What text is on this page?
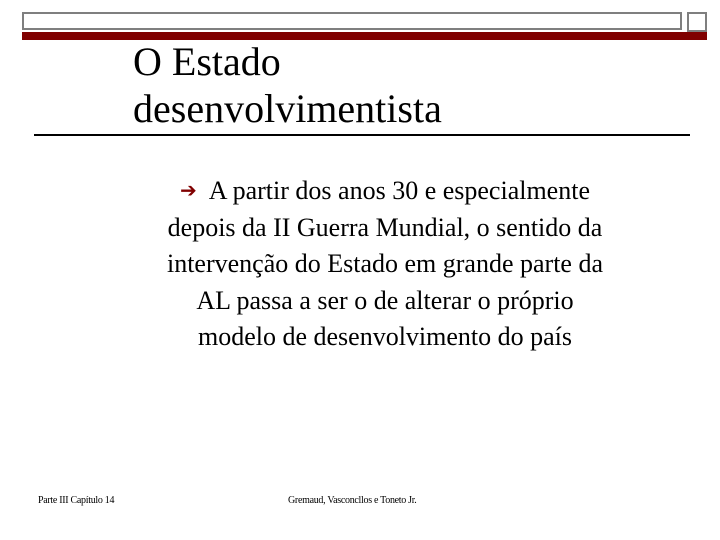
O Estado
desenvolvimentista

➔ A partir dos anos 30 e especialmente depois da II Guerra Mundial, o sentido da intervenção do Estado em grande parte da AL passa a ser o de alterar o próprio modelo de desenvolvimento do país

Parte III Capítulo 14	Gremaud, Vasconcllos e Toneto Jr.
